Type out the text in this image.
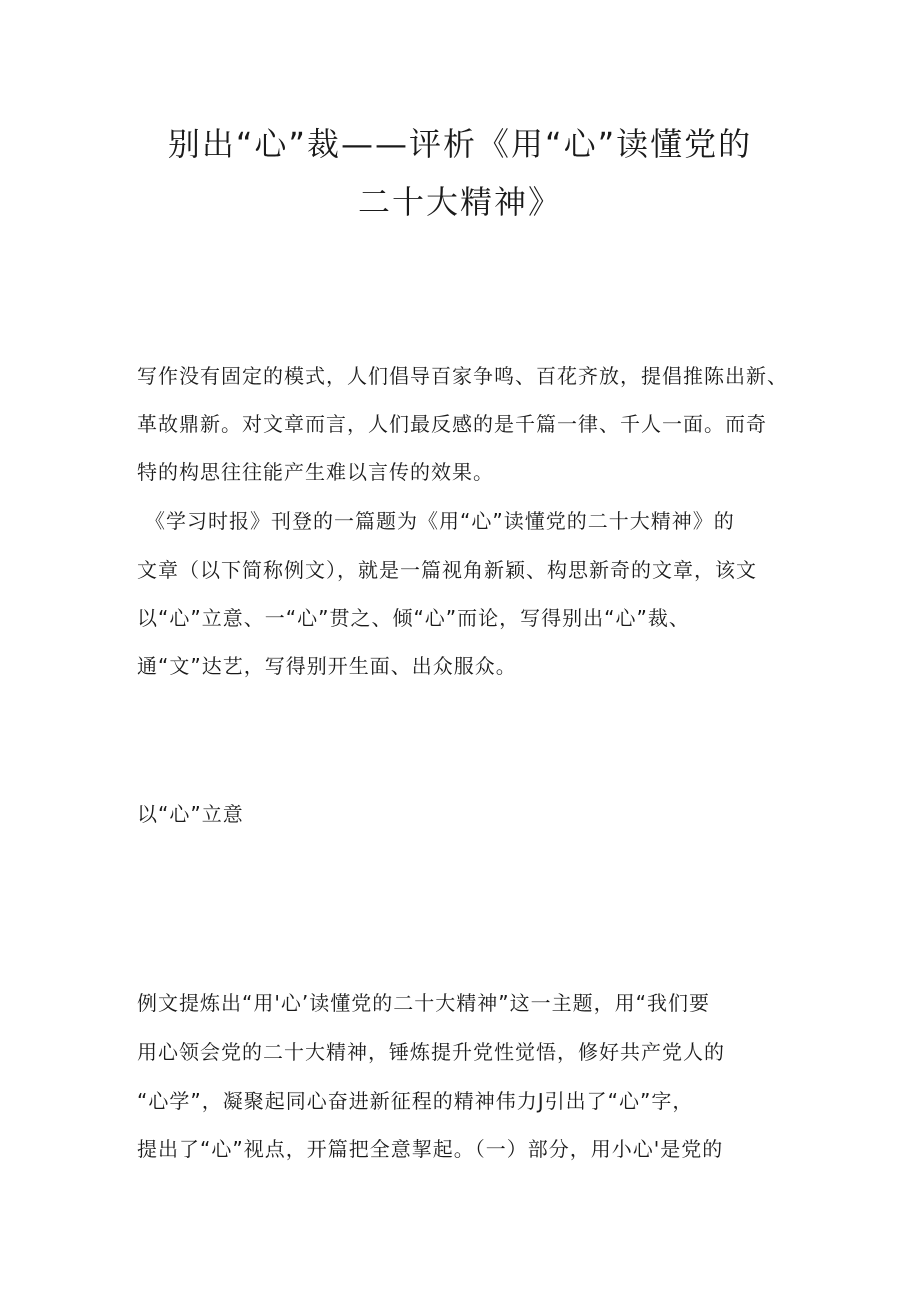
别出“心”裁——评析《用“心”读懂党的
二十大精神》

写作没有固定的模式，人们倡导百家争鸣、百花齐放，提倡推陈出新、

革故鼎新。对文章而言，人们最反感的是千篇一律、千人一面。而奇

特的构思往往能产生难以言传的效果。

《学习时报》刊登的一篇题为《用“心”读懂党的二十大精神》的

文章（以下简称例文），就是一篇视角新颖、构思新奇的文章，该文

以“心”立意、一“心”贯之、倾“心”而论，写得别出“心”裁、

通“文”达艺，写得别开生面、出众服众。

以“心”立意

例文提炼出“用'心’读懂党的二十大精神”这一主题，用“我们要

用心领会党的二十大精神，锤炼提升党性觉悟，修好共产党人的

“心学”，凝聚起同心奋进新征程的精神伟力J引出了“心”字，

提出了“心”视点，开篇把全意挈起。（一）部分，用小心'是党的
